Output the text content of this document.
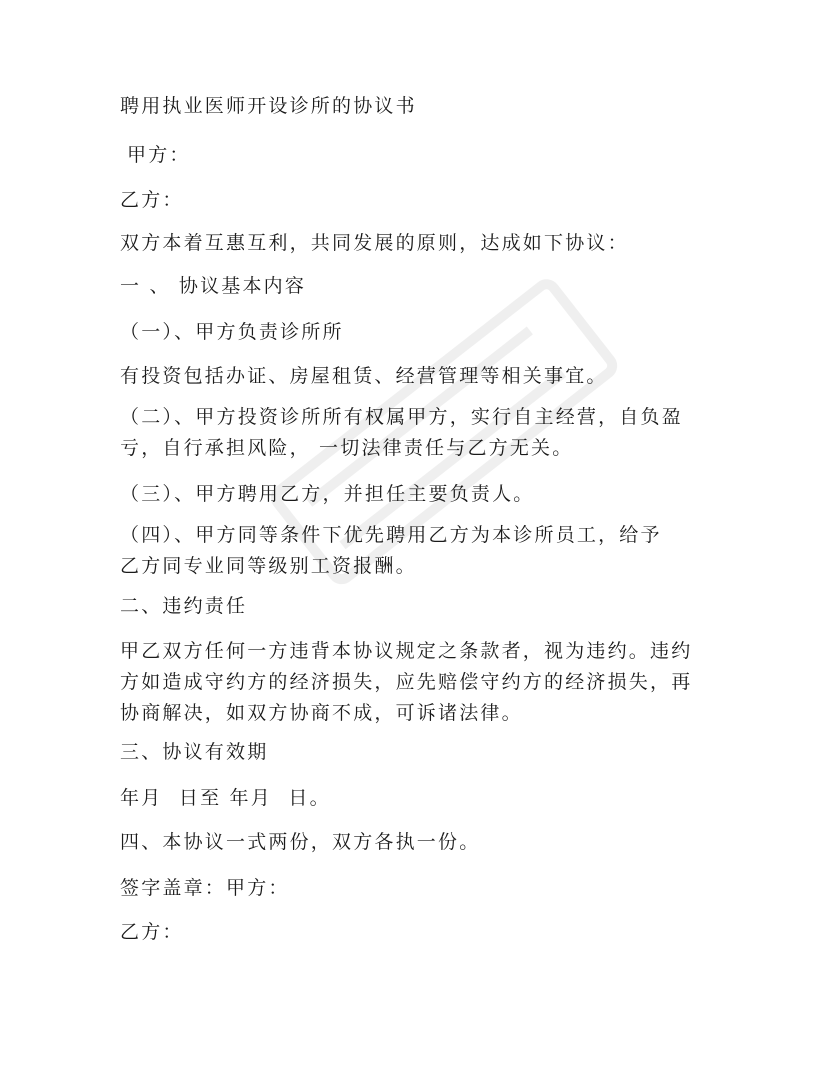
聘用执业医师开设诊所的协议书
甲方：
乙方：
双方本着互惠互利，共同发展的原则，达成如下协议：
一 、 协议基本内容
（一）、甲方负责诊所所
有投资包括办证、房屋租赁、经营管理等相关事宜。
（二）、甲方投资诊所所有权属甲方，实行自主经营，自负盈
亏，自行承担风险， 一切法律责任与乙方无关。
（三）、甲方聘用乙方，并担任主要负责人。
（四）、甲方同等条件下优先聘用乙方为本诊所员工，给予
乙方同专业同等级别工资报酬。
二、违约责任
甲乙双方任何一方违背本协议规定之条款者，视为违约。违约
方如造成守约方的经济损失，应先赔偿守约方的经济损失，再
协商解决，如双方协商不成，可诉诸法律。
三、协议有效期
年月  日至 年月  日。
四、本协议一式两份，双方各执一份。
签字盖章：甲方：
乙方：
